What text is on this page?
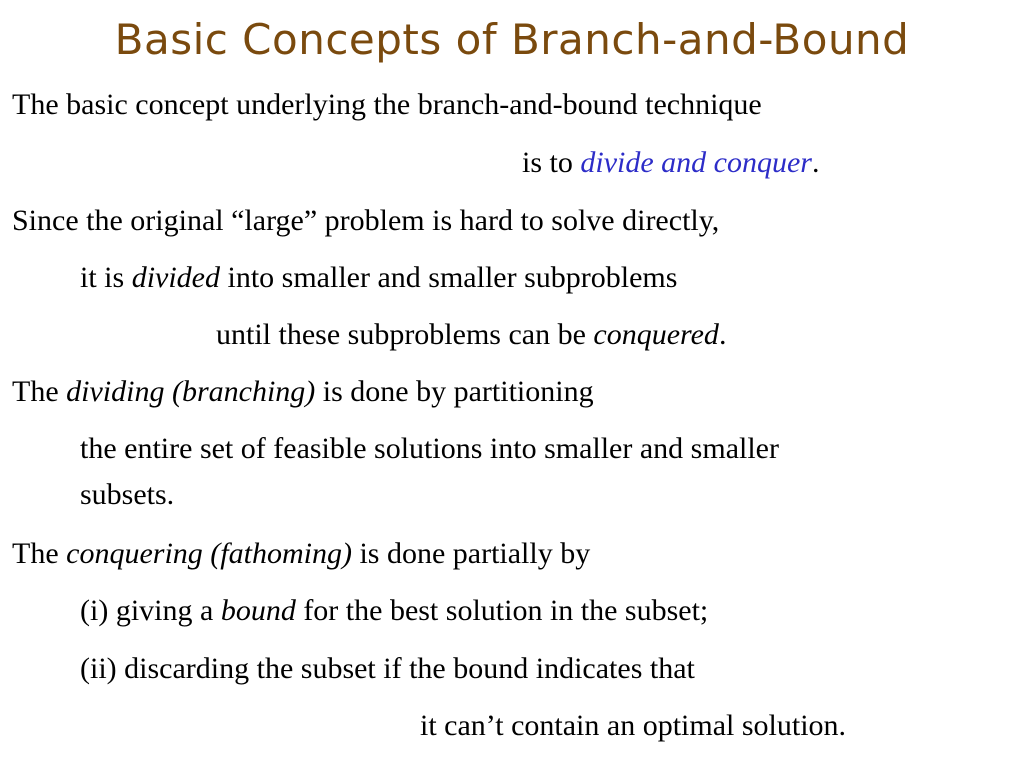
Basic Concepts of Branch-and-Bound
The basic concept underlying the branch-and-bound technique
is to divide and conquer.
Since the original “large” problem is hard to solve directly,
it is divided into smaller and smaller subproblems
until these subproblems can be conquered.
The dividing (branching) is done by partitioning
the entire set of feasible solutions into smaller and smaller
subsets.
The conquering (fathoming) is done partially by
(i) giving a bound for the best solution in the subset;
(ii) discarding the subset if the bound indicates that
it can’t contain an optimal solution.
